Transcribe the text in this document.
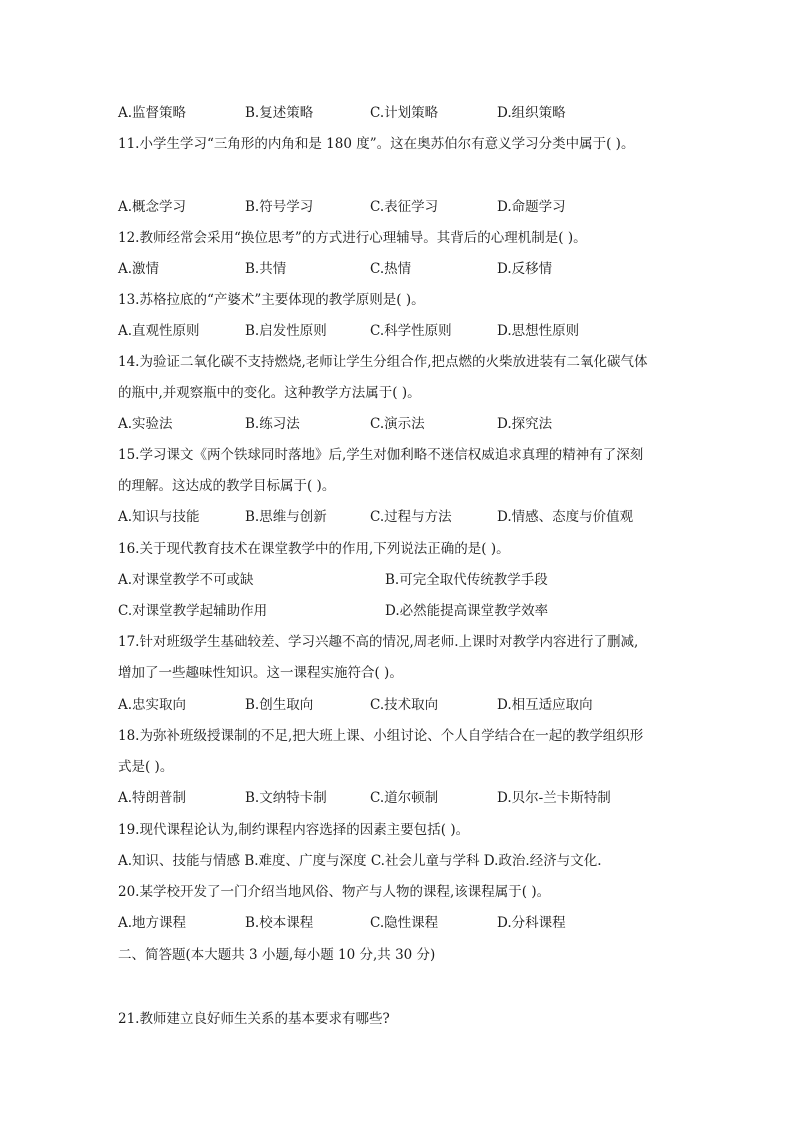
A.监督策略	B.复述策略	C.计划策略	D.组织策略
11.小学生学习“三角形的内角和是 180 度”。这在奥苏伯尔有意义学习分类中属于( )。
A.概念学习	B.符号学习	C.表征学习	D.命题学习
12.教师经常会采用“换位思考”的方式进行心理辅导。其背后的心理机制是( )。
A.激情	B.共情	C.热情	D.反移情
13.苏格拉底的“产婆术”主要体现的教学原则是( )。
A.直观性原则	B.启发性原则	C.科学性原则	D.思想性原则
14.为验证二氧化碳不支持燃烧,老师让学生分组合作,把点燃的火柴放进装有二氧化碳气体
的瓶中,并观察瓶中的变化。这种教学方法属于( )。
A.实验法	B.练习法	C.演示法	D.探究法
15.学习课文《两个铁球同时落地》后,学生对伽利略不迷信权威追求真理的精神有了深刻
的理解。这达成的教学目标属于( )。
A.知识与技能	B.思维与创新	C.过程与方法	D.情感、态度与价值观
16.关于现代教育技术在课堂教学中的作用,下列说法正确的是( )。
A.对课堂教学不可或缺	B.可完全取代传统教学手段
C.对课堂教学起辅助作用	D.必然能提高课堂教学效率
17.针对班级学生基础较差、学习兴趣不高的情况,周老师.上课时对教学内容进行了删减,
增加了一些趣味性知识。这一课程实施符合( )。
A.忠实取向	B.创生取向	C.技术取向	D.相互适应取向
18.为弥补班级授课制的不足,把大班上课、小组讨论、个人自学结合在一起的教学组织形
式是( )。
A.特朗普制	B.文纳特卡制	C.道尔顿制	D.贝尔-兰卡斯特制
19.现代课程论认为,制约课程内容选择的因素主要包括( )。
A.知识、技能与情感 B.难度、广度与深度 C.社会儿童与学科 D.政治.经济与文化.
20.某学校开发了一门介绍当地风俗、物产与人物的课程,该课程属于( )。
A.地方课程	B.校本课程	C.隐性课程	D.分科课程
二、简答题(本大题共 3 小题,每小题 10 分,共 30 分)
21.教师建立良好师生关系的基本要求有哪些?
